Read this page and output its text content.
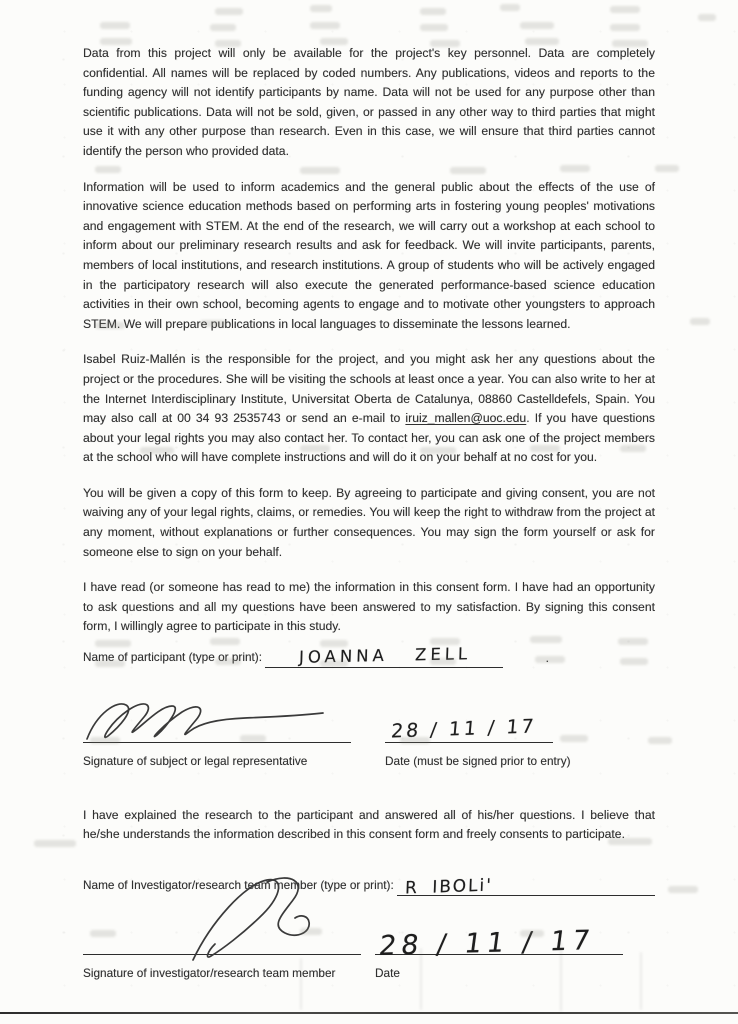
Data from this project will only be available for the project's key personnel. Data are completely confidential. All names will be replaced by coded numbers. Any publications, videos and reports to the funding agency will not identify participants by name. Data will not be used for any purpose other than scientific publications. Data will not be sold, given, or passed in any other way to third parties that might use it with any other purpose than research. Even in this case, we will ensure that third parties cannot identify the person who provided data.

Information will be used to inform academics and the general public about the effects of the use of innovative science education methods based on performing arts in fostering young peoples' motivations and engagement with STEM. At the end of the research, we will carry out a workshop at each school to inform about our preliminary research results and ask for feedback. We will invite participants, parents, members of local institutions, and research institutions. A group of students who will be actively engaged in the participatory research will also execute the generated performance-based science education activities in their own school, becoming agents to engage and to motivate other youngsters to approach STEM. We will prepare publications in local languages to disseminate the lessons learned.

Isabel Ruiz-Mallén is the responsible for the project, and you might ask her any questions about the project or the procedures. She will be visiting the schools at least once a year. You can also write to her at the Internet Interdisciplinary Institute, Universitat Oberta de Catalunya, 08860 Castelldefels, Spain. You may also call at 00 34 93 2535743 or send an e-mail to iruiz_mallen@uoc.edu. If you have questions about your legal rights you may also contact her. To contact her, you can ask one of the project members at the school who will have complete instructions and will do it on your behalf at no cost for you.

You will be given a copy of this form to keep. By agreeing to participate and giving consent, you are not waiving any of your legal rights, claims, or remedies. You will keep the right to withdraw from the project at any moment, without explanations or further consequences. You may sign the form yourself or ask for someone else to sign on your behalf.

I have read (or someone has read to me) the information in this consent form. I have had an opportunity to ask questions and all my questions have been answered to my satisfaction. By signing this consent form, I willingly agree to participate in this study.

Name of participant (type or print): JOANNA ZELL
.
Signature of subject or legal representative
28 / 11 / 17
Date (must be signed prior to entry)

I have explained the research to the participant and answered all of his/her questions. I believe that he/she understands the information described in this consent form and freely consents to participate.

Name of Investigator/research team member (type or print): R IBOLi'
Signature of investigator/research team member
28 / 11 / 17
Date
